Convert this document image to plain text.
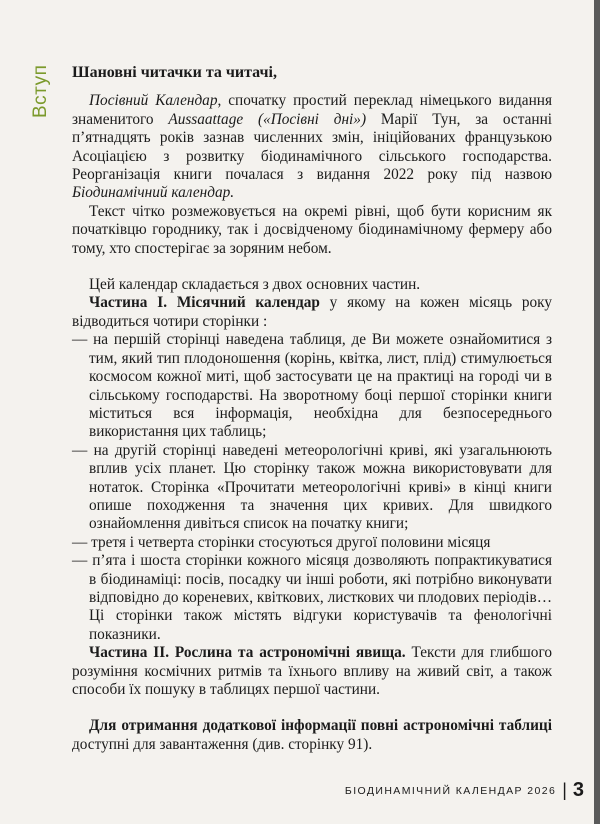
Вступ Шановні читачки та читачі,

Посівний Календар, спочатку простий переклад німецького видання знаменитого Aussaattage («Посівні дні») Марії Тун, за останні п’ятнадцять років зазнав численних змін, ініційованих французькою Асоціацією з розвитку біодинамічного сільського господарства. Реорганізація книги почалася з видання 2022 року під назвою Біодинамічний календар.

Текст чітко розмежовується на окремі рівні, щоб бути корисним як початківцю городнику, так і досвідченому біодинамічному фермеру або тому, хто спостерігає за зоряним небом.

Цей календар складається з двох основних частин.

Частина І. Місячний календар у якому на кожен місяць року відводиться чотири сторінки :

— на першій сторінці наведена таблиця, де Ви можете ознайомитися з тим, який тип плодоношення (корінь, квітка, лист, плід) стимулюється космосом кожної миті, щоб застосувати це на практиці на городі чи в сільському господарстві. На зворотному боці першої сторінки книги міститься вся інформація, необхідна для безпосереднього використання цих таблиць;

— на другій сторінці наведені метеорологічні криві, які узагальнюють вплив усіх планет. Цю сторінку також можна використовувати для нотаток. Сторінка «Прочитати метеорологічні криві» в кінці книги опише походження та значення цих кривих. Для швидкого ознайомлення дивіться список на початку книги;

— третя і четверта сторінки стосуються другої половини місяця

— п’ята і шоста сторінки кожного місяця дозволяють попрактикуватися в біодинаміці: посів, посадку чи інші роботи, які потрібно виконувати відповідно до кореневих, квіткових, листкових чи плодових періодів… Ці сторінки також містять відгуки користувачів та фенологічні показники.

Частина ІІ. Рослина та астрономічні явища. Тексти для глибшого розуміння космічних ритмів та їхнього впливу на живий світ, а також способи їх пошуку в таблицях першої частини.

Для отримання додаткової інформації повні астрономічні таблиці доступні для завантаження (див. сторінку 91).

БІОДИНАМІЧНИЙ КАЛЕНДАР 2026 | 3
